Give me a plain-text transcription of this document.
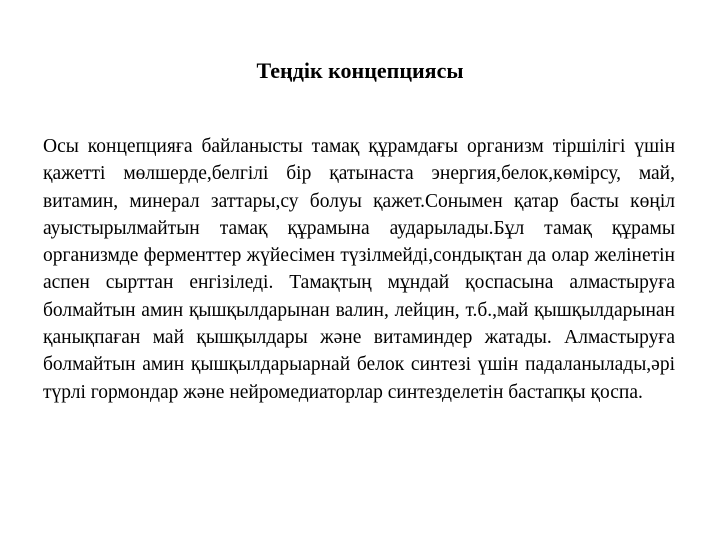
Теңдік концепциясы

Осы концепцияға байланысты тамақ құрамдағы организм тіршілігі үшін қажетті мөлшерде,белгілі бір қатынаста энергия,белок,көмірсу, май, витамин, минерал заттары,су болуы қажет.Сонымен қатар басты көңіл ауыстырылмайтын тамақ құрамына аударылады.Бұл тамақ құрамы организмде ферменттер жүйесімен түзілмейді,сондықтан да олар желінетін аспен сырттан енгізіледі. Тамақтың мұндай қоспасына алмастыруға болмайтын амин қышқылдарынан валин, лейцин, т.б.,май қышқылдарынан қанықпаған май қышқылдары және витаминдер жатады. Алмастыруға болмайтын амин қышқылдарыарнай белок синтезі үшін падаланылады,әрі түрлі гормондар және нейромедиаторлар синтезделетін бастапқы қоспа.
